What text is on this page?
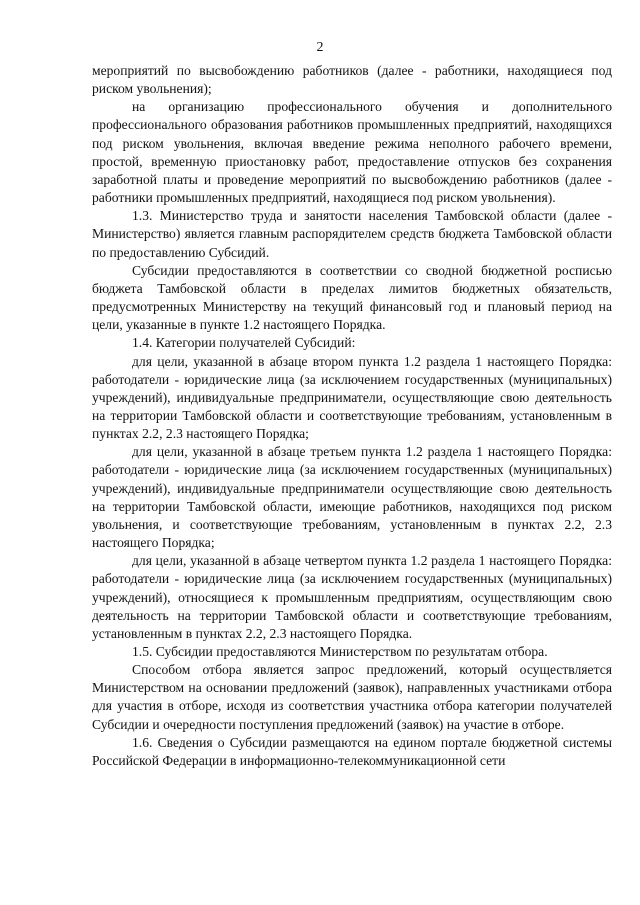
2

мероприятий по высвобождению работников (далее - работники, находящиеся под риском увольнения);

на организацию профессионального обучения и дополнительного профессионального образования работников промышленных предприятий, находящихся под риском увольнения, включая введение режима неполного рабочего времени, простой, временную приостановку работ, предоставление отпусков без сохранения заработной платы и проведение мероприятий по высвобождению работников (далее - работники промышленных предприятий, находящиеся под риском увольнения).

1.3. Министерство труда и занятости населения Тамбовской области (далее - Министерство) является главным распорядителем средств бюджета Тамбовской области по предоставлению Субсидий.

Субсидии предоставляются в соответствии со сводной бюджетной росписью бюджета Тамбовской области в пределах лимитов бюджетных обязательств, предусмотренных Министерству на текущий финансовый год и плановый период на цели, указанные в пункте 1.2 настоящего Порядка.

1.4. Категории получателей Субсидий:

для цели, указанной в абзаце втором пункта 1.2 раздела 1 настоящего Порядка: работодатели - юридические лица (за исключением государственных (муниципальных) учреждений), индивидуальные предприниматели, осуществляющие свою деятельность на территории Тамбовской области и соответствующие требованиям, установленным в пунктах 2.2, 2.3 настоящего Порядка;

для цели, указанной в абзаце третьем пункта 1.2 раздела 1 настоящего Порядка: работодатели - юридические лица (за исключением государственных (муниципальных) учреждений), индивидуальные предприниматели осуществляющие свою деятельность на территории Тамбовской области, имеющие работников, находящихся под риском увольнения, и соответствующие требованиям, установленным в пунктах 2.2, 2.3 настоящего Порядка;

для цели, указанной в абзаце четвертом пункта 1.2 раздела 1 настоящего Порядка: работодатели - юридические лица (за исключением государственных (муниципальных) учреждений), относящиеся к промышленным предприятиям, осуществляющим свою деятельность на территории Тамбовской области и соответствующие требованиям, установленным в пунктах 2.2, 2.3 настоящего Порядка.

1.5. Субсидии предоставляются Министерством по результатам отбора.

Способом отбора является запрос предложений, который осуществляется Министерством на основании предложений (заявок), направленных участниками отбора для участия в отборе, исходя из соответствия участника отбора категории получателей Субсидии и очередности поступления предложений (заявок) на участие в отборе.

1.6. Сведения о Субсидии размещаются на едином портале бюджетной системы Российской Федерации в информационно-телекоммуникационной сети
